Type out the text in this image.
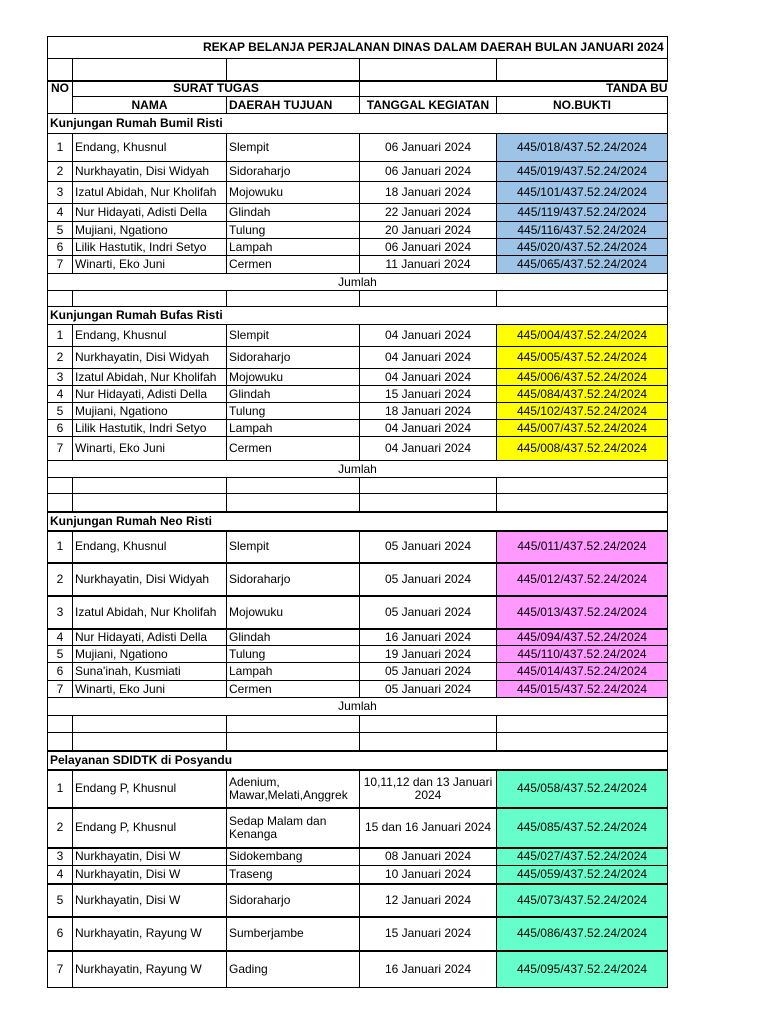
REKAP BELANJA PERJALANAN DINAS DALAM DAERAH BULAN JANUARI 2024				

NO	SURAT TUGAS			TANDA BU
	NAMA	DAERAH TUJUAN	TANGGAL KEGIATAN	NO.BUKTI
Kunjungan Rumah Bumil Risti				
1	Endang, Khusnul	Slempit	06 Januari 2024	445/018/437.52.24/2024
2	Nurkhayatin, Disi Widyah	Sidoraharjo	06 Januari 2024	445/019/437.52.24/2024
3	Izatul Abidah, Nur Kholifah	Mojowuku	18 Januari 2024	445/101/437.52.24/2024
4	Nur Hidayati, Adisti Della	Glindah	22 Januari 2024	445/119/437.52.24/2024
5	Mujiani, Ngationo	Tulung	20 Januari 2024	445/116/437.52.24/2024
6	Lilik Hastutik, Indri Setyo	Lampah	06 Januari 2024	445/020/437.52.24/2024
7	Winarti, Eko Juni	Cermen	11 Januari 2024	445/065/437.52.24/2024
Jumlah				

Kunjungan Rumah Bufas Risti				
1	Endang, Khusnul	Slempit	04 Januari 2024	445/004/437.52.24/2024
2	Nurkhayatin, Disi Widyah	Sidoraharjo	04 Januari 2024	445/005/437.52.24/2024
3	Izatul Abidah, Nur Kholifah	Mojowuku	04 Januari 2024	445/006/437.52.24/2024
4	Nur Hidayati, Adisti Della	Glindah	15 Januari 2024	445/084/437.52.24/2024
5	Mujiani, Ngationo	Tulung	18 Januari 2024	445/102/437.52.24/2024
6	Lilik Hastutik, Indri Setyo	Lampah	04 Januari 2024	445/007/437.52.24/2024
7	Winarti, Eko Juni	Cermen	04 Januari 2024	445/008/437.52.24/2024
Jumlah				

Kunjungan Rumah Neo Risti				
1	Endang, Khusnul	Slempit	05 Januari 2024	445/011/437.52.24/2024
2	Nurkhayatin, Disi Widyah	Sidoraharjo	05 Januari 2024	445/012/437.52.24/2024
3	Izatul Abidah, Nur Kholifah	Mojowuku	05 Januari 2024	445/013/437.52.24/2024
4	Nur Hidayati, Adisti Della	Glindah	16 Januari 2024	445/094/437.52.24/2024
5	Mujiani, Ngationo	Tulung	19 Januari 2024	445/110/437.52.24/2024
6	Suna'inah, Kusmiati	Lampah	05 Januari 2024	445/014/437.52.24/2024
7	Winarti, Eko Juni	Cermen	05 Januari 2024	445/015/437.52.24/2024
Jumlah				

Pelayanan SDIDTK di Posyandu				
1	Endang P, Khusnul	Adenium, Mawar,Melati,Anggrek	10,11,12 dan 13 Januari 2024	445/058/437.52.24/2024
2	Endang P, Khusnul	Sedap Malam dan Kenanga	15 dan 16 Januari 2024	445/085/437.52.24/2024
3	Nurkhayatin, Disi W	Sidokembang	08 Januari 2024	445/027/437.52.24/2024
4	Nurkhayatin, Disi W	Traseng	10 Januari 2024	445/059/437.52.24/2024
5	Nurkhayatin, Disi W	Sidoraharjo	12 Januari 2024	445/073/437.52.24/2024
6	Nurkhayatin, Rayung W	Sumberjambe	15 Januari 2024	445/086/437.52.24/2024
7	Nurkhayatin, Rayung W	Gading	16 Januari 2024	445/095/437.52.24/2024
